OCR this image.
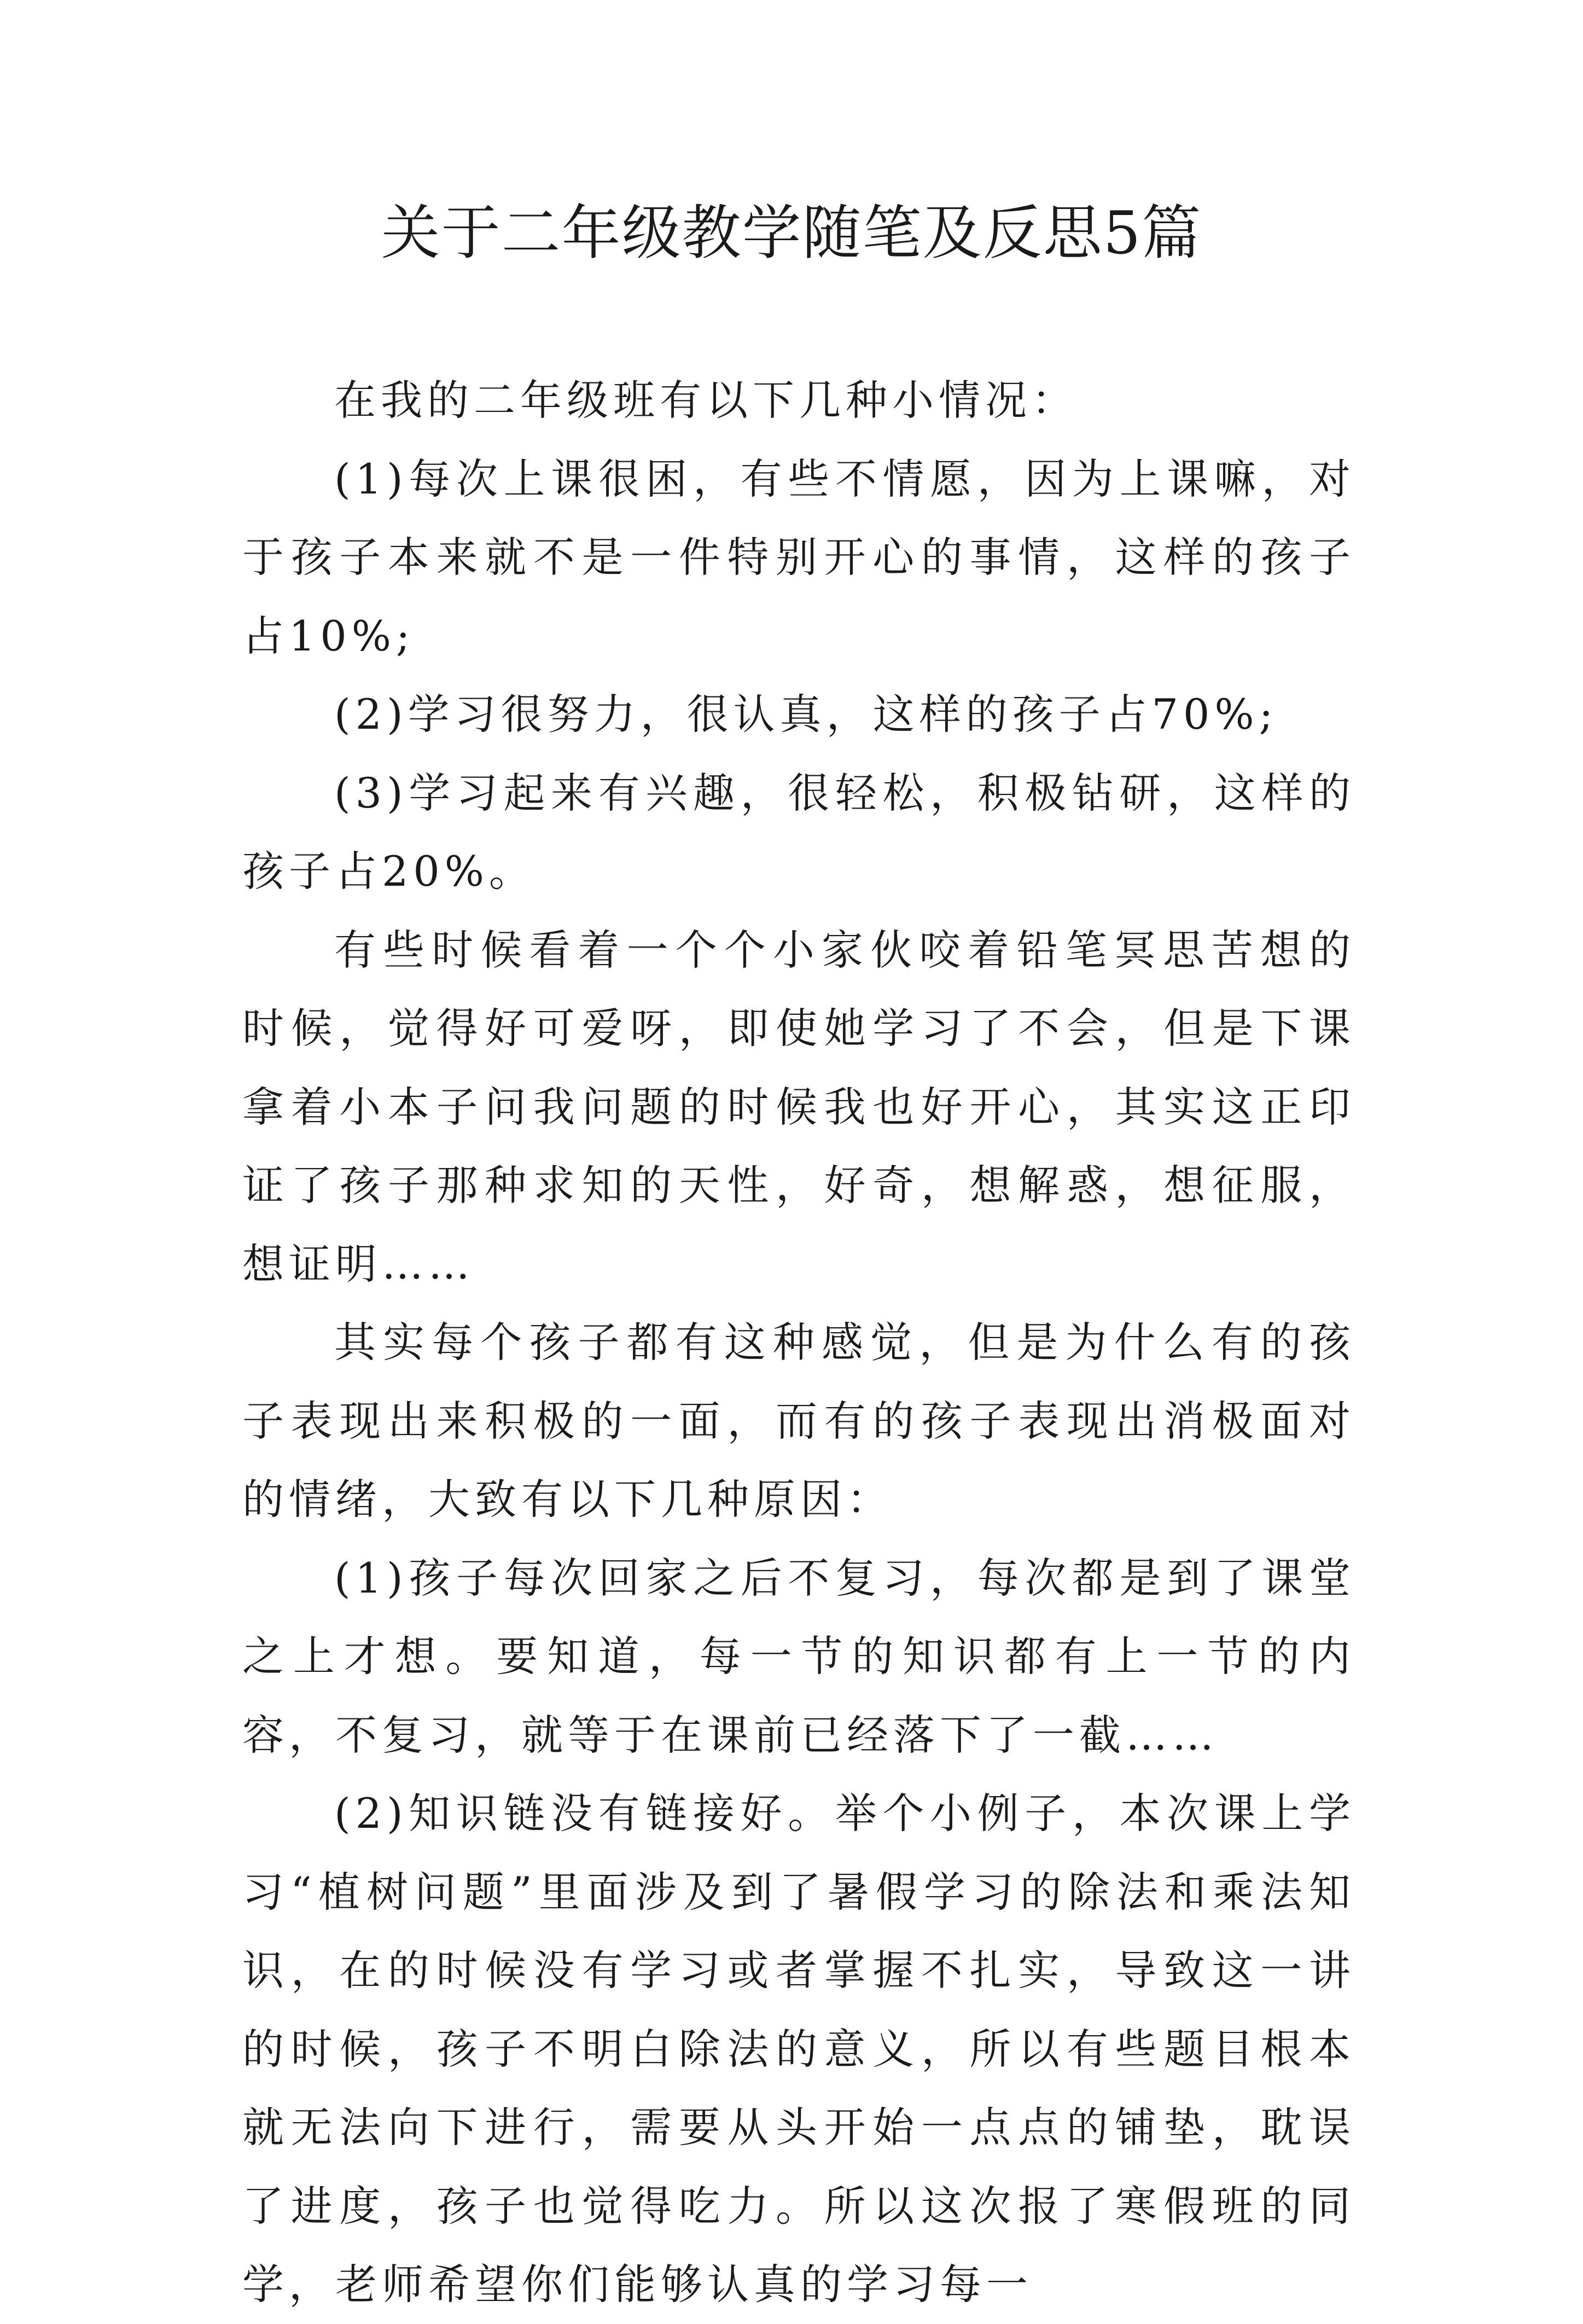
关于二年级教学随笔及反思5篇

在我的二年级班有以下几种小情况：

(1)每次上课很困，有些不情愿，因为上课嘛，对于孩子本来就不是一件特别开心的事情，这样的孩子占10%;

(2)学习很努力，很认真，这样的孩子占70%;

(3)学习起来有兴趣，很轻松，积极钻研，这样的孩子占20%。

有些时候看着一个个小家伙咬着铅笔冥思苦想的时候，觉得好可爱呀，即使她学习了不会，但是下课拿着小本子问我问题的时候我也好开心，其实这正印证了孩子那种求知的天性，好奇，想解惑，想征服，想证明……

其实每个孩子都有这种感觉，但是为什么有的孩子表现出来积极的一面，而有的孩子表现出消极面对的情绪，大致有以下几种原因：

(1)孩子每次回家之后不复习，每次都是到了课堂之上才想。要知道，每一节的知识都有上一节的内容，不复习，就等于在课前已经落下了一截……

(2)知识链没有链接好。举个小例子，本次课上学习“植树问题”里面涉及到了暑假学习的除法和乘法知识，在的时候没有学习或者掌握不扎实，导致这一讲的时候，孩子不明白除法的意义，所以有些题目根本就无法向下进行，需要从头开始一点点的铺垫，耽误了进度，孩子也觉得吃力。所以这次报了寒假班的同学，老师希望你们能够认真的学习每一
